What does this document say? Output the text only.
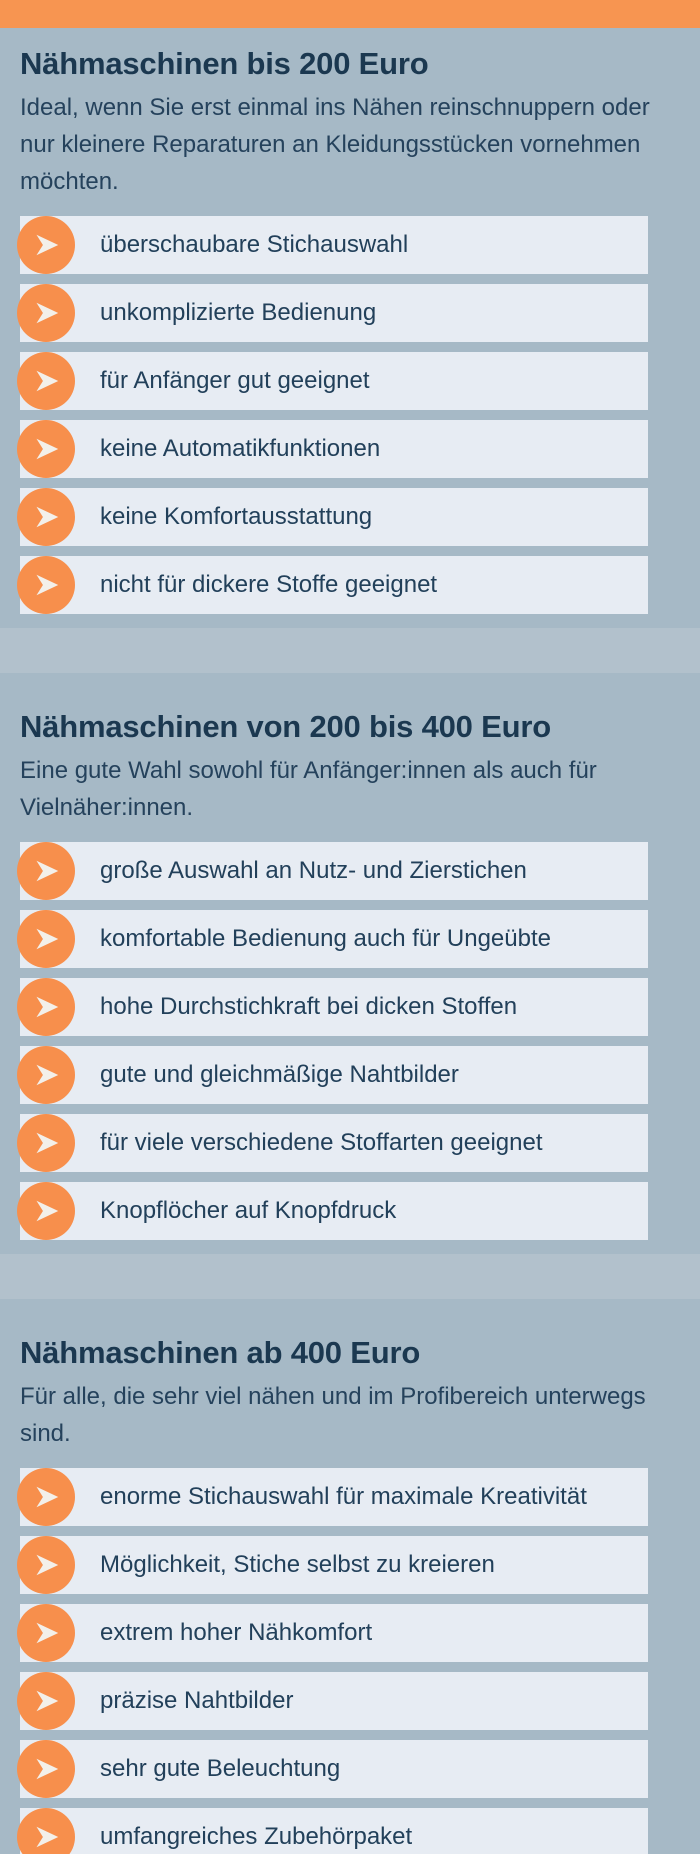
Nähmaschinen bis 200 Euro

Ideal, wenn Sie erst einmal ins Nähen reinschnuppern oder nur kleinere Reparaturen an Kleidungsstücken vornehmen möchten.

überschaubare Stichauswahl
unkomplizierte Bedienung
für Anfänger gut geeignet
keine Automatikfunktionen
keine Komfortausstattung
nicht für dickere Stoffe geeignet
Nähmaschinen von 200 bis 400 Euro

Eine gute Wahl sowohl für Anfänger:innen als auch für Vielnäher:innen.

große Auswahl an Nutz- und Zierstichen
komfortable Bedienung auch für Ungeübte
hohe Durchstichkraft bei dicken Stoffen
gute und gleichmäßige Nahtbilder
für viele verschiedene Stoffarten geeignet
Knopflöcher auf Knopfdruck
Nähmaschinen ab 400 Euro

Für alle, die sehr viel nähen und im Profibereich unterwegs sind.

enorme Stichauswahl für maximale Kreativität
Möglichkeit, Stiche selbst zu kreieren
extrem hoher Nähkomfort
präzise Nahtbilder
sehr gute Beleuchtung
umfangreiches Zubehörpaket
